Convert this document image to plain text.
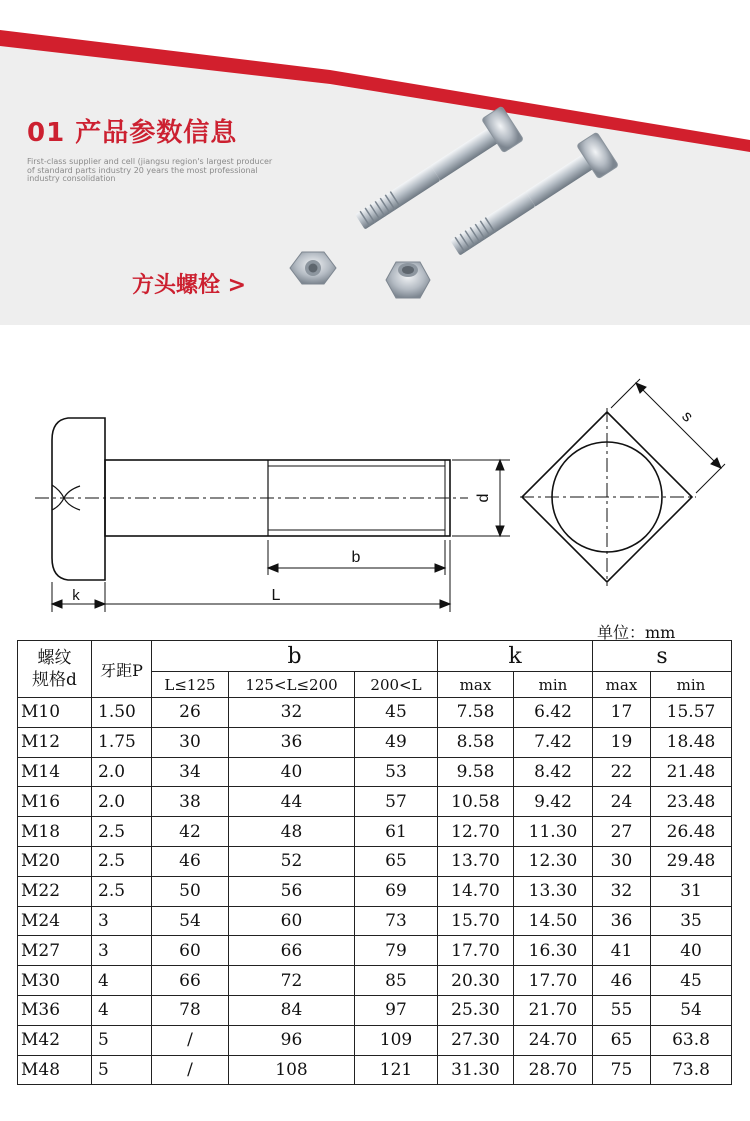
01 产品参数信息
First-class supplier and cell (jiangsu region's largest producer of standard parts industry 20 years the most professional industry consolidation
方头螺栓 >
d
b
k	L
s
单位：mm
螺纹
规格d	牙距P	b			k		s	
		L≤125	125<L≤200	200<L	max	min	max	min
M10	1.50	26	32	45	7.58	6.42	17	15.57
M12	1.75	30	36	49	8.58	7.42	19	18.48
M14	2.0	34	40	53	9.58	8.42	22	21.48
M16	2.0	38	44	57	10.58	9.42	24	23.48
M18	2.5	42	48	61	12.70	11.30	27	26.48
M20	2.5	46	52	65	13.70	12.30	30	29.48
M22	2.5	50	56	69	14.70	13.30	32	31
M24	3	54	60	73	15.70	14.50	36	35
M27	3	60	66	79	17.70	16.30	41	40
M30	4	66	72	85	20.30	17.70	46	45
M36	4	78	84	97	25.30	21.70	55	54
M42	5	/	96	109	27.30	24.70	65	63.8
M48	5	/	108	121	31.30	28.70	75	73.8
